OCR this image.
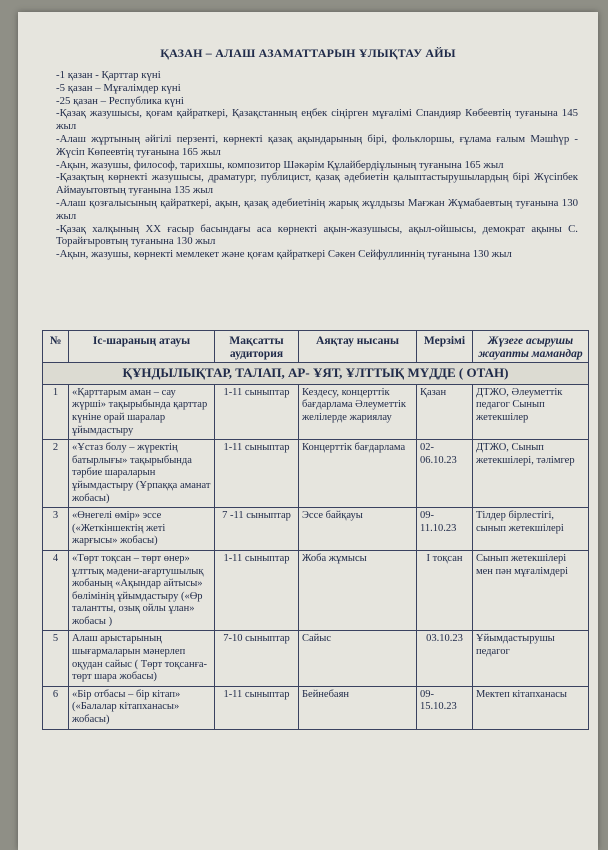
ҚАЗАН – АЛАШ АЗАМАТТАРЫН ҰЛЫҚТАУ АЙЫ
-1 қазан - Қарттар күні
-5 қазан – Мұғалімдер күні
-25 қазан – Республика күні
-Қазақ жазушысы, қоғам қайраткері, Қазақстанның еңбек сіңірген мұғалімі Спандияр Көбеевтің туғанына 145 жыл
-Алаш жұртының әйгілі перзенті, көрнекті қазақ ақындарының бірі, фольклоршы, ғұлама ғалым Мәшһүр - Жүсіп Көпеевтің туғанына 165 жыл
-Ақын, жазушы, философ, тарихшы, композитор Шәкәрім Құлайбердіұлының туғанына 165 жыл
-Қазақтың көрнекті жазушысы, драматург, публицист, қазақ әдебиетін қалыптастырушылардың бірі Жүсіпбек Аймауытовтың туғанына 135 жыл
-Алаш қозғалысының қайраткері, ақын, қазақ әдебиетінің жарық жұлдызы Мағжан Жұмабаевтың туғанына 130 жыл
-Қазақ халқының XX ғасыр басындағы аса көрнекті ақын-жазушысы, ақыл-ойшысы, демократ ақыны С. Торайғыровтың туғанына 130 жыл
-Ақын, жазушы, көрнекті мемлекет және қоғам қайраткері Сәкен Сейфуллиннің туғанына 130 жыл
№	Іс-шараның атауы	Мақсатты аудитория	Аяқтау нысаны	Мерзімі	Жүзеге асырушы жауапты мамандар
ҚҰНДЫЛЫҚТАР, ТАЛАП, АР- ҰЯТ, ҰЛТТЫҚ МҮДДЕ ( ОТАН)					
1	«Қарттарым аман – сау жүрші» тақырыбында қарттар күніне орай шаралар ұйымдастыру	1-11 сыныптар	Кездесу, концерттік бағдарлама Әлеуметтік желілерде жариялау	Қазан	ДТЖО, Әлеуметтік педагог Сынып жетекшілер
2	«Ұстаз болу – жүректің батырлығы» тақырыбында тәрбие шараларын ұйымдастыру (Ұрпаққа аманат жобасы)	1-11 сыныптар	Концерттік бағдарлама	02-06.10.23	ДТЖО, Сынып жетекшілері, тәлімгер
3	«Өнегелі өмір» эссе («Жеткіншектің жеті жарғысы» жобасы)	7 -11 сыныптар	Эссе байқауы	09-11.10.23	Тілдер бірлестігі, сынып жетекшілері
4	«Төрт тоқсан – төрт өнер» ұлттық мәдени-ағартушылық жобаның «Ақындар айтысы» бөлімінің ұйымдастыру («Өр талантты, озық ойлы ұлан» жобасы )	1-11 сыныптар	Жоба жұмысы	І тоқсан	Сынып жетекшілері мен пән мұғалімдері
5	Алаш арыстарының шығармаларын мәнерлеп оқудан сайыс ( Төрт тоқсанға- төрт шара жобасы)	7-10 сыныптар	Сайыс	03.10.23	Ұйымдастырушы педагог
6	«Бір отбасы – бір кітап» («Балалар кітапханасы» жобасы)	1-11 сыныптар	Бейнебаян	09-15.10.23	Мектеп кітапханасы
